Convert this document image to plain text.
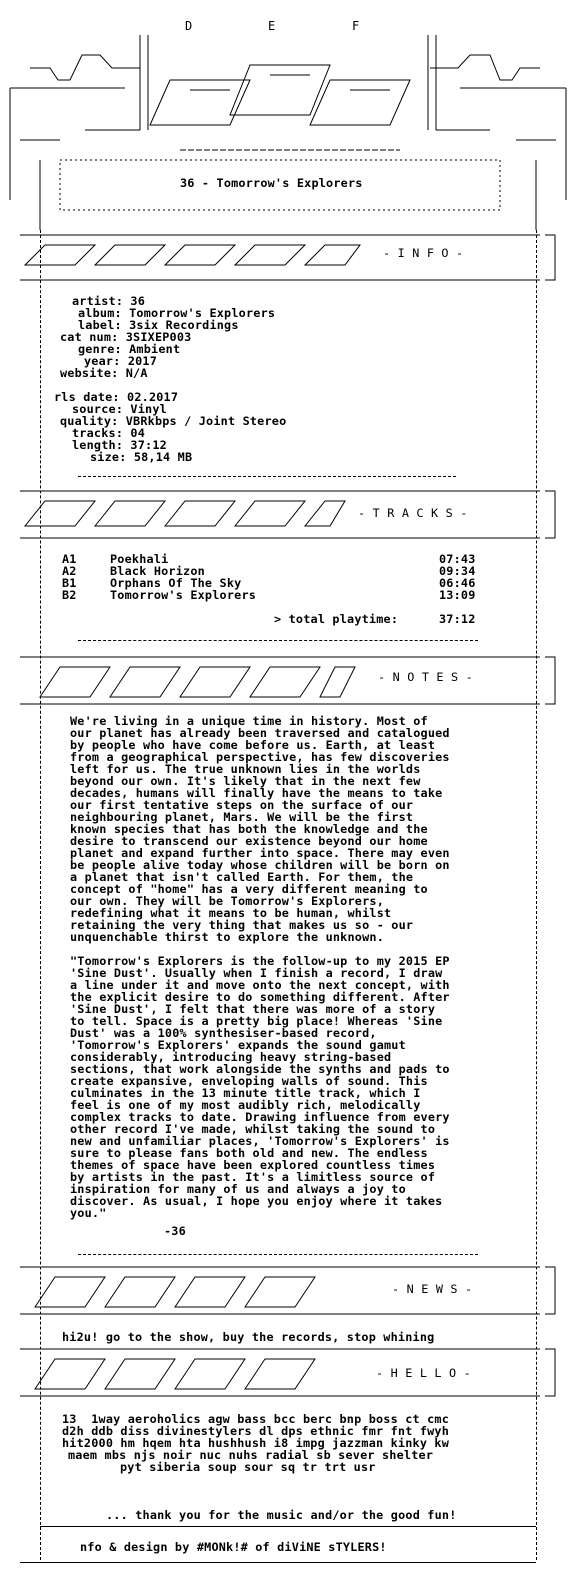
D	E	F
36 - Tomorrow's Explorers
- I N F O -
artist: 36
album: Tomorrow's Explorers
label: 3six Recordings
cat num: 3SIXEP003
genre: Ambient
year: 2017
website: N/A
rls date: 02.2017
source: Vinyl
quality: VBRkbps / Joint Stereo
tracks: 04
length: 37:12
size: 58,14 MB
- T R A C K S -
A1	Poekhali	07:43
A2	Black Horizon	09:34
B1	Orphans Of The Sky	06:46
B2	Tomorrow's Explorers	13:09
> total playtime:	37:12
- N O T E S -
We're living in a unique time in history. Most of
our planet has already been traversed and catalogued
by people who have come before us. Earth, at least
from a geographical perspective, has few discoveries
left for us. The true unknown lies in the worlds
beyond our own. It's likely that in the next few
decades, humans will finally have the means to take
our first tentative steps on the surface of our
neighbouring planet, Mars. We will be the first
known species that has both the knowledge and the
desire to transcend our existence beyond our home
planet and expand further into space. There may even
be people alive today whose children will be born on
a planet that isn't called Earth. For them, the
concept of "home" has a very different meaning to
our own. They will be Tomorrow's Explorers,
redefining what it means to be human, whilst
retaining the very thing that makes us so - our
unquenchable thirst to explore the unknown.
"Tomorrow's Explorers is the follow-up to my 2015 EP
'Sine Dust'. Usually when I finish a record, I draw
a line under it and move onto the next concept, with
the explicit desire to do something different. After
'Sine Dust', I felt that there was more of a story
to tell. Space is a pretty big place! Whereas 'Sine
Dust' was a 100% synthesiser-based record,
'Tomorrow's Explorers' expands the sound gamut
considerably, introducing heavy string-based
sections, that work alongside the synths and pads to
create expansive, enveloping walls of sound. This
culminates in the 13 minute title track, which I
feel is one of my most audibly rich, melodically
complex tracks to date. Drawing influence from every
other record I've made, whilst taking the sound to
new and unfamiliar places, 'Tomorrow's Explorers' is
sure to please fans both old and new. The endless
themes of space have been explored countless times
by artists in the past. It's a limitless source of
inspiration for many of us and always a joy to
discover. As usual, I hope you enjoy where it takes
you."
-36
- N E W S -
hi2u! go to the show, buy the records, stop whining
- H E L L O -
13  1way aeroholics agw bass bcc berc bnp boss ct cmc
d2h ddb diss divinestylers dl dps ethnic fmr fnt fwyh
hit2000 hm hqem hta hushhush i8 impg jazzman kinky kw
maem mbs njs noir nuc nuhs radial sb sever shelter
pyt siberia soup sour sq tr trt usr
... thank you for the music and/or the good fun!
nfo & design by #MONk!# of diViNE sTYLERS!
